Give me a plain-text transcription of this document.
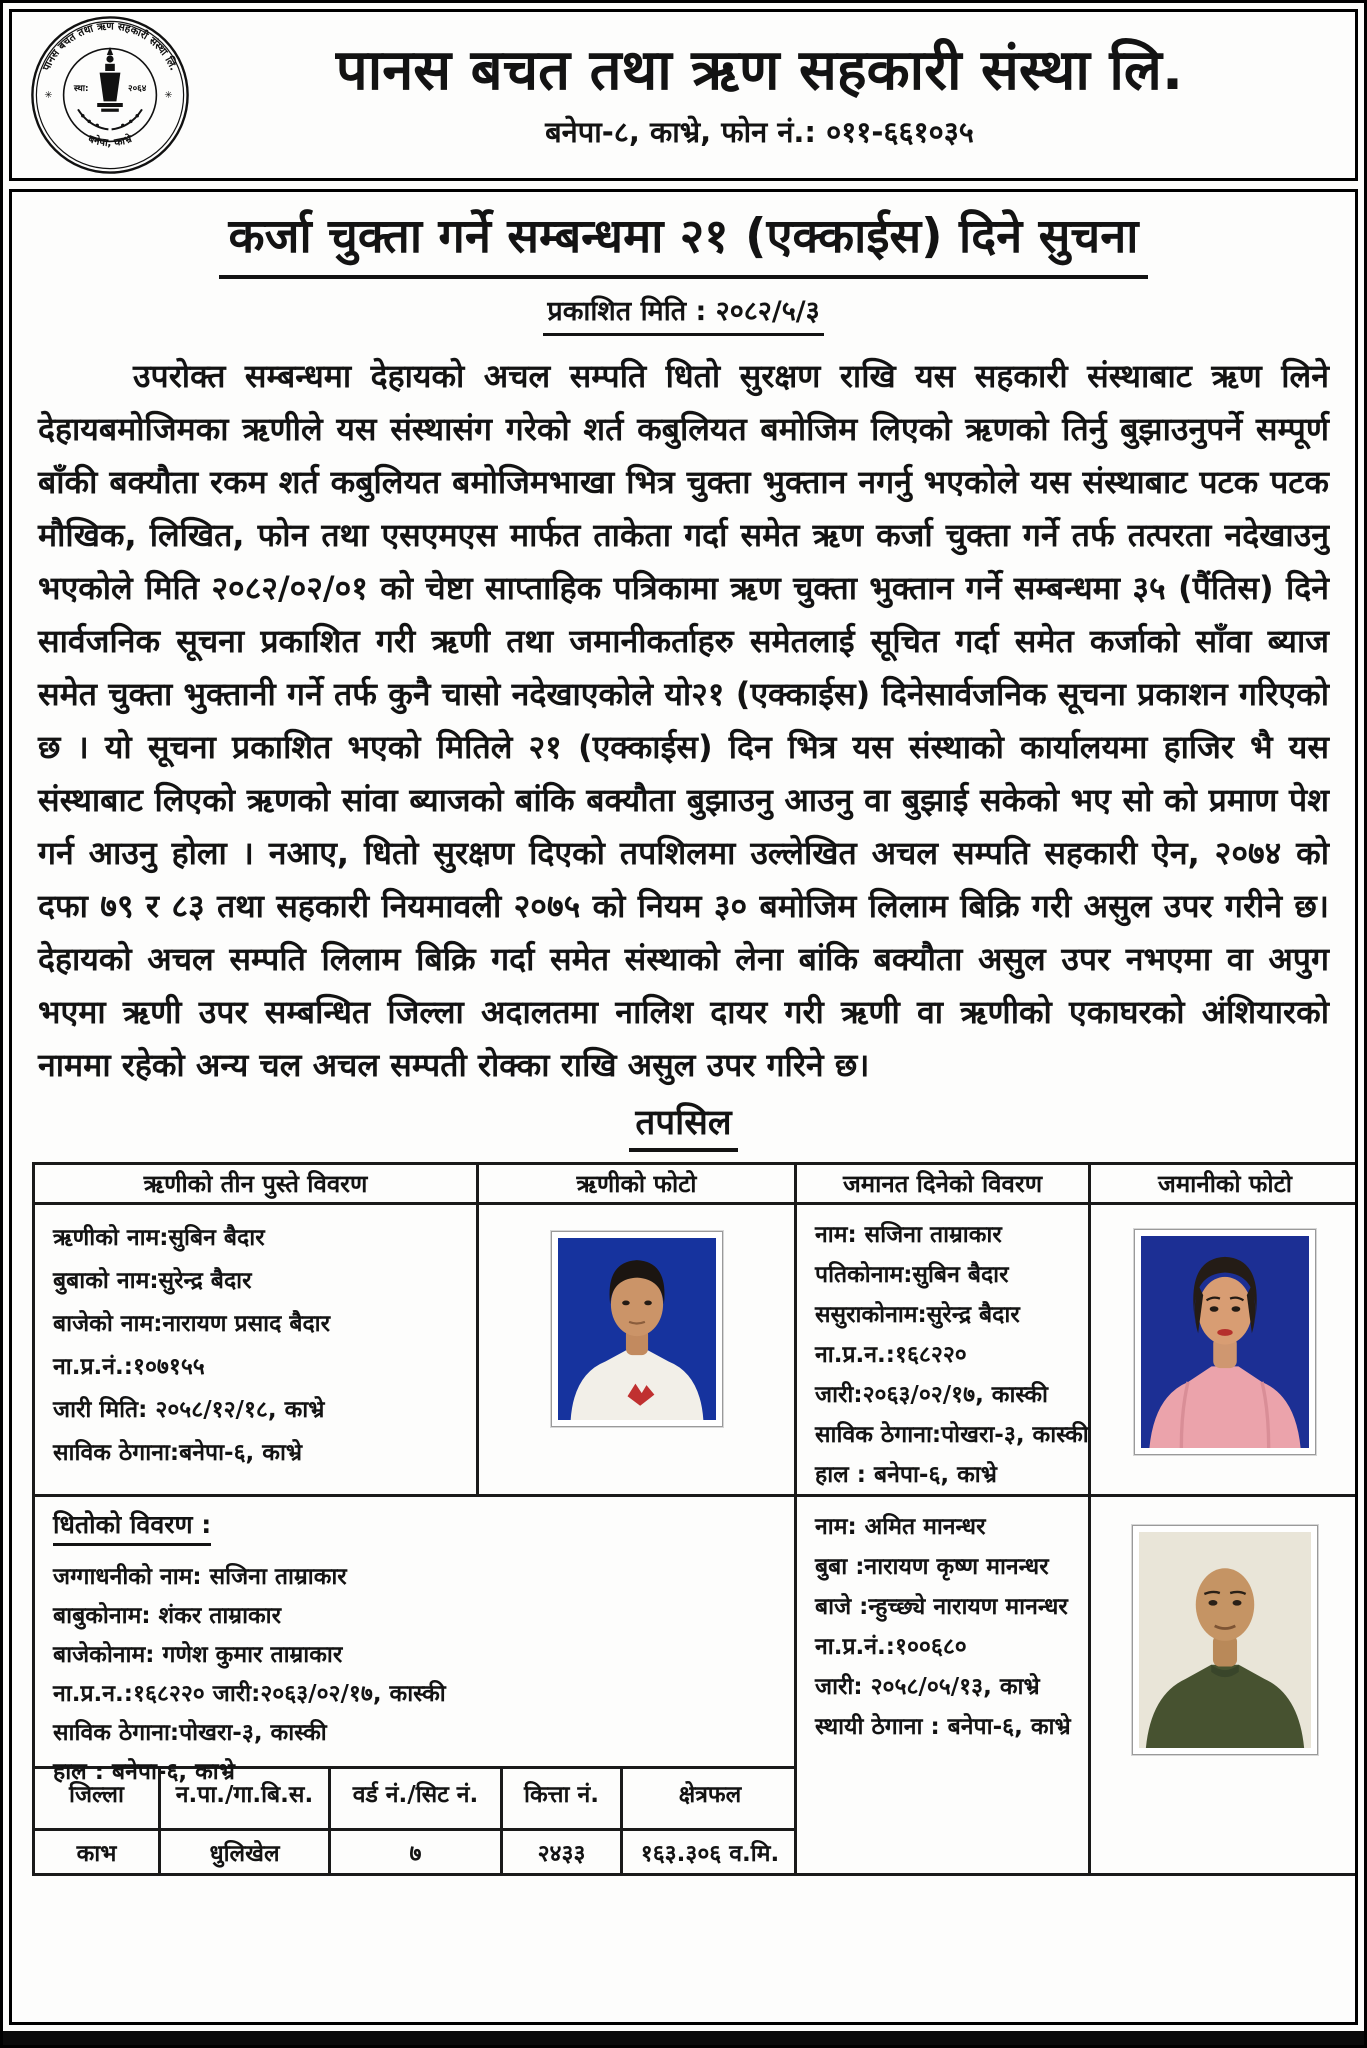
पानस बचत तथा ऋण सहकारी संस्था लि.
बनेपा, काभ्रे
✳	✳
स्था:	२०६४	पानस बचत तथा ऋण सहकारी संस्था लि.
बनेपा-८, काभ्रे, फोन नं.: ०११-६६१०३५
कर्जा चुक्ता गर्ने सम्बन्धमा २१ (एक्काईस) दिने सुचना
प्रकाशित मिति : २०८२/५/३

उपरोक्त सम्बन्धमा देहायको अचल सम्पति धितो सुरक्षण राखि यस सहकारी संस्थाबाट ऋण लिने देहायबमोजिमका ऋणीले यस संस्थासंग गरेको शर्त कबुलियत बमोजिम लिएको ऋणको तिर्नु बुझाउनुपर्ने सम्पूर्ण बाँकी बक्यौता रकम शर्त कबुलियत बमोजिमभाखा भित्र चुक्ता भुक्तान नगर्नु भएकोले यस संस्थाबाट पटक पटक मौखिक, लिखित, फोन तथा एसएमएस मार्फत ताकेता गर्दा समेत ऋण कर्जा चुक्ता गर्ने तर्फ तत्परता नदेखाउनु भएकोले मिति २०८२/०२/०१ को चेष्टा साप्ताहिक पत्रिकामा ऋण चुक्ता भुक्तान गर्ने सम्बन्धमा ३५ (पैंतिस) दिने सार्वजनिक सूचना प्रकाशित गरी ऋणी तथा जमानीकर्ताहरु समेतलाई सूचित गर्दा समेत कर्जाको साँवा ब्याज समेत चुक्ता भुक्तानी गर्ने तर्फ कुनै चासो नदेखाएकोले यो२१ (एक्काईस) दिनेसार्वजनिक सूचना प्रकाशन गरिएको छ । यो सूचना प्रकाशित भएको मितिले २१ (एक्काईस) दिन भित्र यस संस्थाको कार्यालयमा हाजिर भै यस संस्थाबाट लिएको ऋणको सांवा ब्याजको बांकि बक्यौता बुझाउनु आउनु वा बुझाई सकेको भए सो को प्रमाण पेश गर्न आउनु होला । नआए, धितो सुरक्षण दिएको तपशिलमा उल्लेखित अचल सम्पति सहकारी ऐन, २०७४ को दफा ७९ र ८३ तथा सहकारी नियमावली २०७५ को नियम ३० बमोजिम लिलाम बिक्रि गरी असुल उपर गरीने छ। देहायको अचल सम्पति लिलाम बिक्रि गर्दा समेत संस्थाको लेना बांकि बक्यौता असुल उपर नभएमा वा अपुग भएमा ऋणी उपर सम्बन्धित जिल्ला अदालतमा नालिश दायर गरी ऋणी वा ऋणीको एकाघरको अंशियारको नाममा रहेको अन्य चल अचल सम्पती रोक्का राखि असुल उपर गरिने छ।

तपसिल
ऋणीको तीन पुस्ते विवरण	ऋणीको फोटो	जमानत दिनेको विवरण	जमानीको फोटो
ऋणीको नाम:सुबिन बैदार
बुबाको नाम:सुरेन्द्र बैदार
बाजेको नाम:नारायण प्रसाद बैदार
ना.प्र.नं.:१०७१५५
जारी मिति: २०५८/१२/१८, काभ्रे
साविक ठेगाना:बनेपा-६, काभ्रे
नाम: सजिना ताम्राकार
पतिकोनाम:सुबिन बैदार
ससुराकोनाम:सुरेन्द्र बैदार
ना.प्र.न.:१६८२२०
जारी:२०६३/०२/१७, कास्की
साविक ठेगाना:पोखरा-३, कास्की
हाल : बनेपा-६, काभ्रे
धितोको विवरण :
जग्गाधनीको नाम: सजिना ताम्राकार
बाबुकोनाम: शंकर ताम्राकार
बाजेकोनाम: गणेश कुमार ताम्राकार
ना.प्र.न.:१६८२२० जारी:२०६३/०२/१७, कास्की
साविक ठेगाना:पोखरा-३, कास्की
हाल : बनेपा-६, काभ्रे
नाम: अमित मानन्धर
बुबा :नारायण कृष्ण मानन्धर
बाजे :न्हुच्छ्ये नारायण मानन्धर
ना.प्र.नं.:१००६८०
जारी: २०५८/०५/१३, काभ्रे
स्थायी ठेगाना : बनेपा-६, काभ्रे
जिल्ला	न.पा./गा.बि.स.	वर्ड नं./सिट नं.	कित्ता नं.	क्षेत्रफल
काभ	धुलिखेल	७	२४३३	१६३.३०६ व.मि.
